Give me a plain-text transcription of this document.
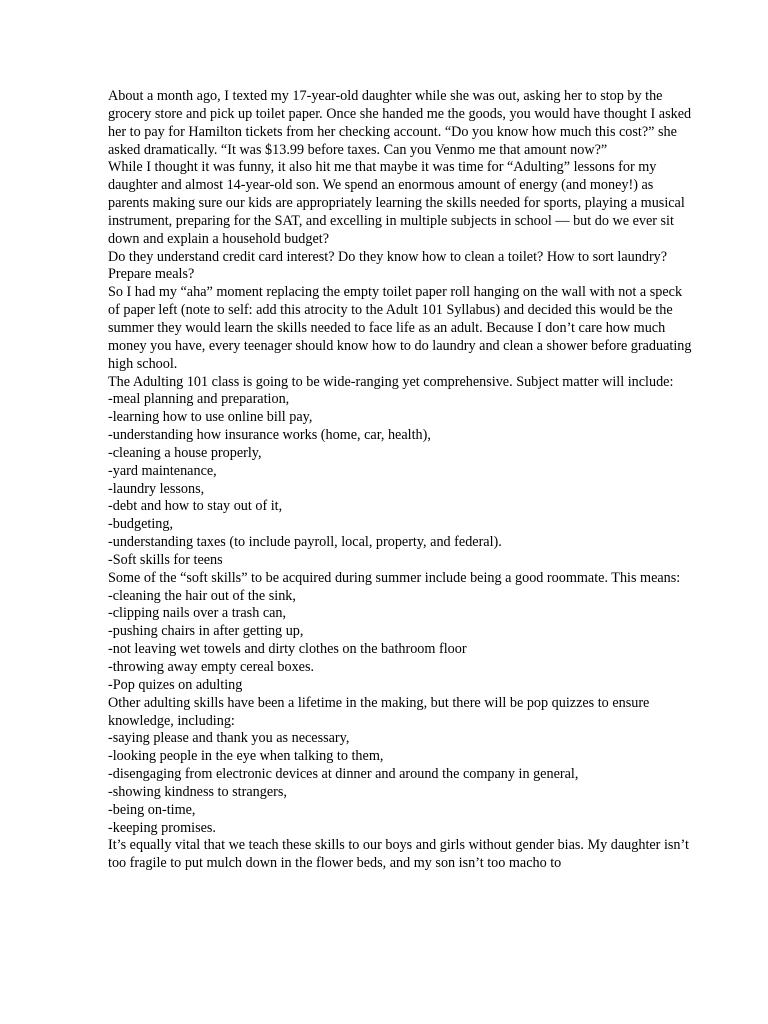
About a month ago, I texted my 17-year-old daughter while she was out, asking her to stop by the grocery store and pick up toilet paper. Once she handed me the goods, you would have thought I asked her to pay for Hamilton tickets from her checking account. “Do you know how much this cost?” she asked dramatically. “It was $13.99 before taxes. Can you Venmo me that amount now?”

While I thought it was funny, it also hit me that maybe it was time for “Adulting” lessons for my daughter and almost 14-year-old son. We spend an enormous amount of energy (and money!) as parents making sure our kids are appropriately learning the skills needed for sports, playing a musical instrument, preparing for the SAT, and excelling in multiple subjects in school — but do we ever sit down and explain a household budget?

Do they understand credit card interest? Do they know how to clean a toilet? How to sort laundry? Prepare meals?

So I had my “aha” moment replacing the empty toilet paper roll hanging on the wall with not a speck of paper left (note to self: add this atrocity to the Adult 101 Syllabus) and decided this would be the summer they would learn the skills needed to face life as an adult. Because I don’t care how much money you have, every teenager should know how to do laundry and clean a shower before graduating high school.

The Adulting 101 class is going to be wide-ranging yet comprehensive. Subject matter will include:

-meal planning and preparation,

-learning how to use online bill pay,

-understanding how insurance works (home, car, health),

-cleaning a house properly,

-yard maintenance,

-laundry lessons,

-debt and how to stay out of it,

-budgeting,

-understanding taxes (to include payroll, local, property, and federal).

-Soft skills for teens

Some of the “soft skills” to be acquired during summer include being a good roommate. This means:

-cleaning the hair out of the sink,

-clipping nails over a trash can,

-pushing chairs in after getting up,

-not leaving wet towels and dirty clothes on the bathroom floor

-throwing away empty cereal boxes.

-Pop quizes on adulting

Other adulting skills have been a lifetime in the making, but there will be pop quizzes to ensure knowledge, including:

-saying please and thank you as necessary,

-looking people in the eye when talking to them,

-disengaging from electronic devices at dinner and around the company in general,

-showing kindness to strangers,

-being on-time,

-keeping promises.

It’s equally vital that we teach these skills to our boys and girls without gender bias. My daughter isn’t too fragile to put mulch down in the flower beds, and my son isn’t too macho to
